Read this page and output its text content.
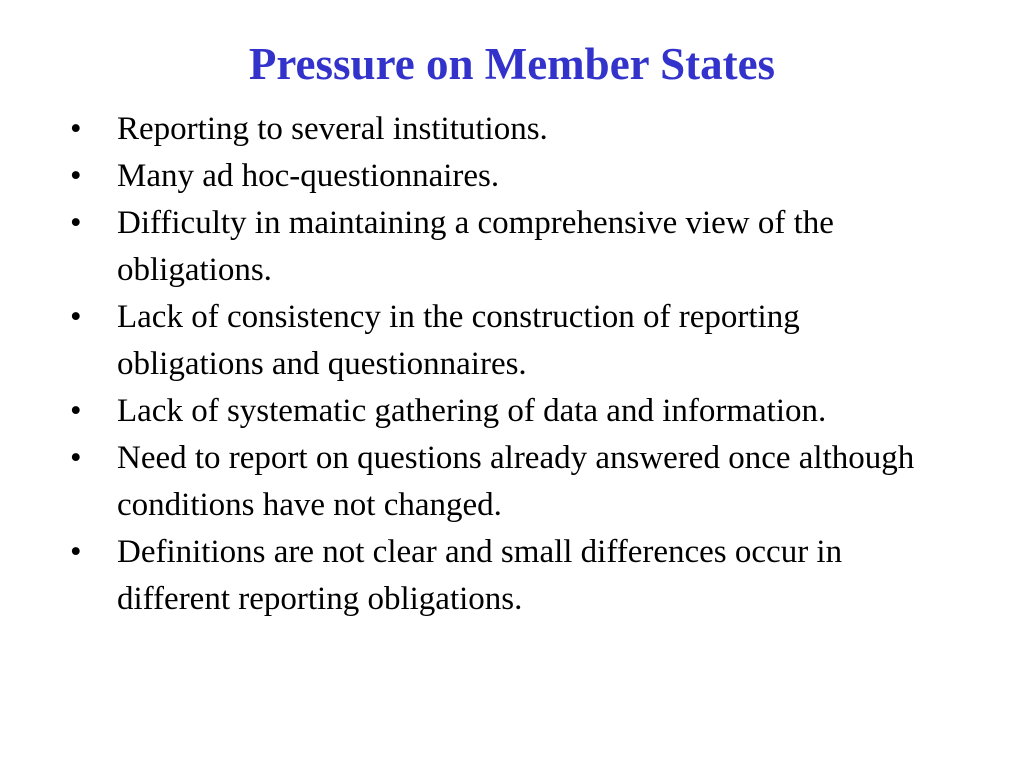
Pressure on Member States
• Reporting to several institutions.
• Many ad hoc-questionnaires.
• Difficulty in maintaining a comprehensive view of the obligations.
• Lack of consistency in the construction of reporting obligations and questionnaires.
• Lack of systematic gathering of data and information.
• Need to report on questions already answered once although conditions have not changed.
• Definitions are not clear and small differences occur in different reporting obligations.
